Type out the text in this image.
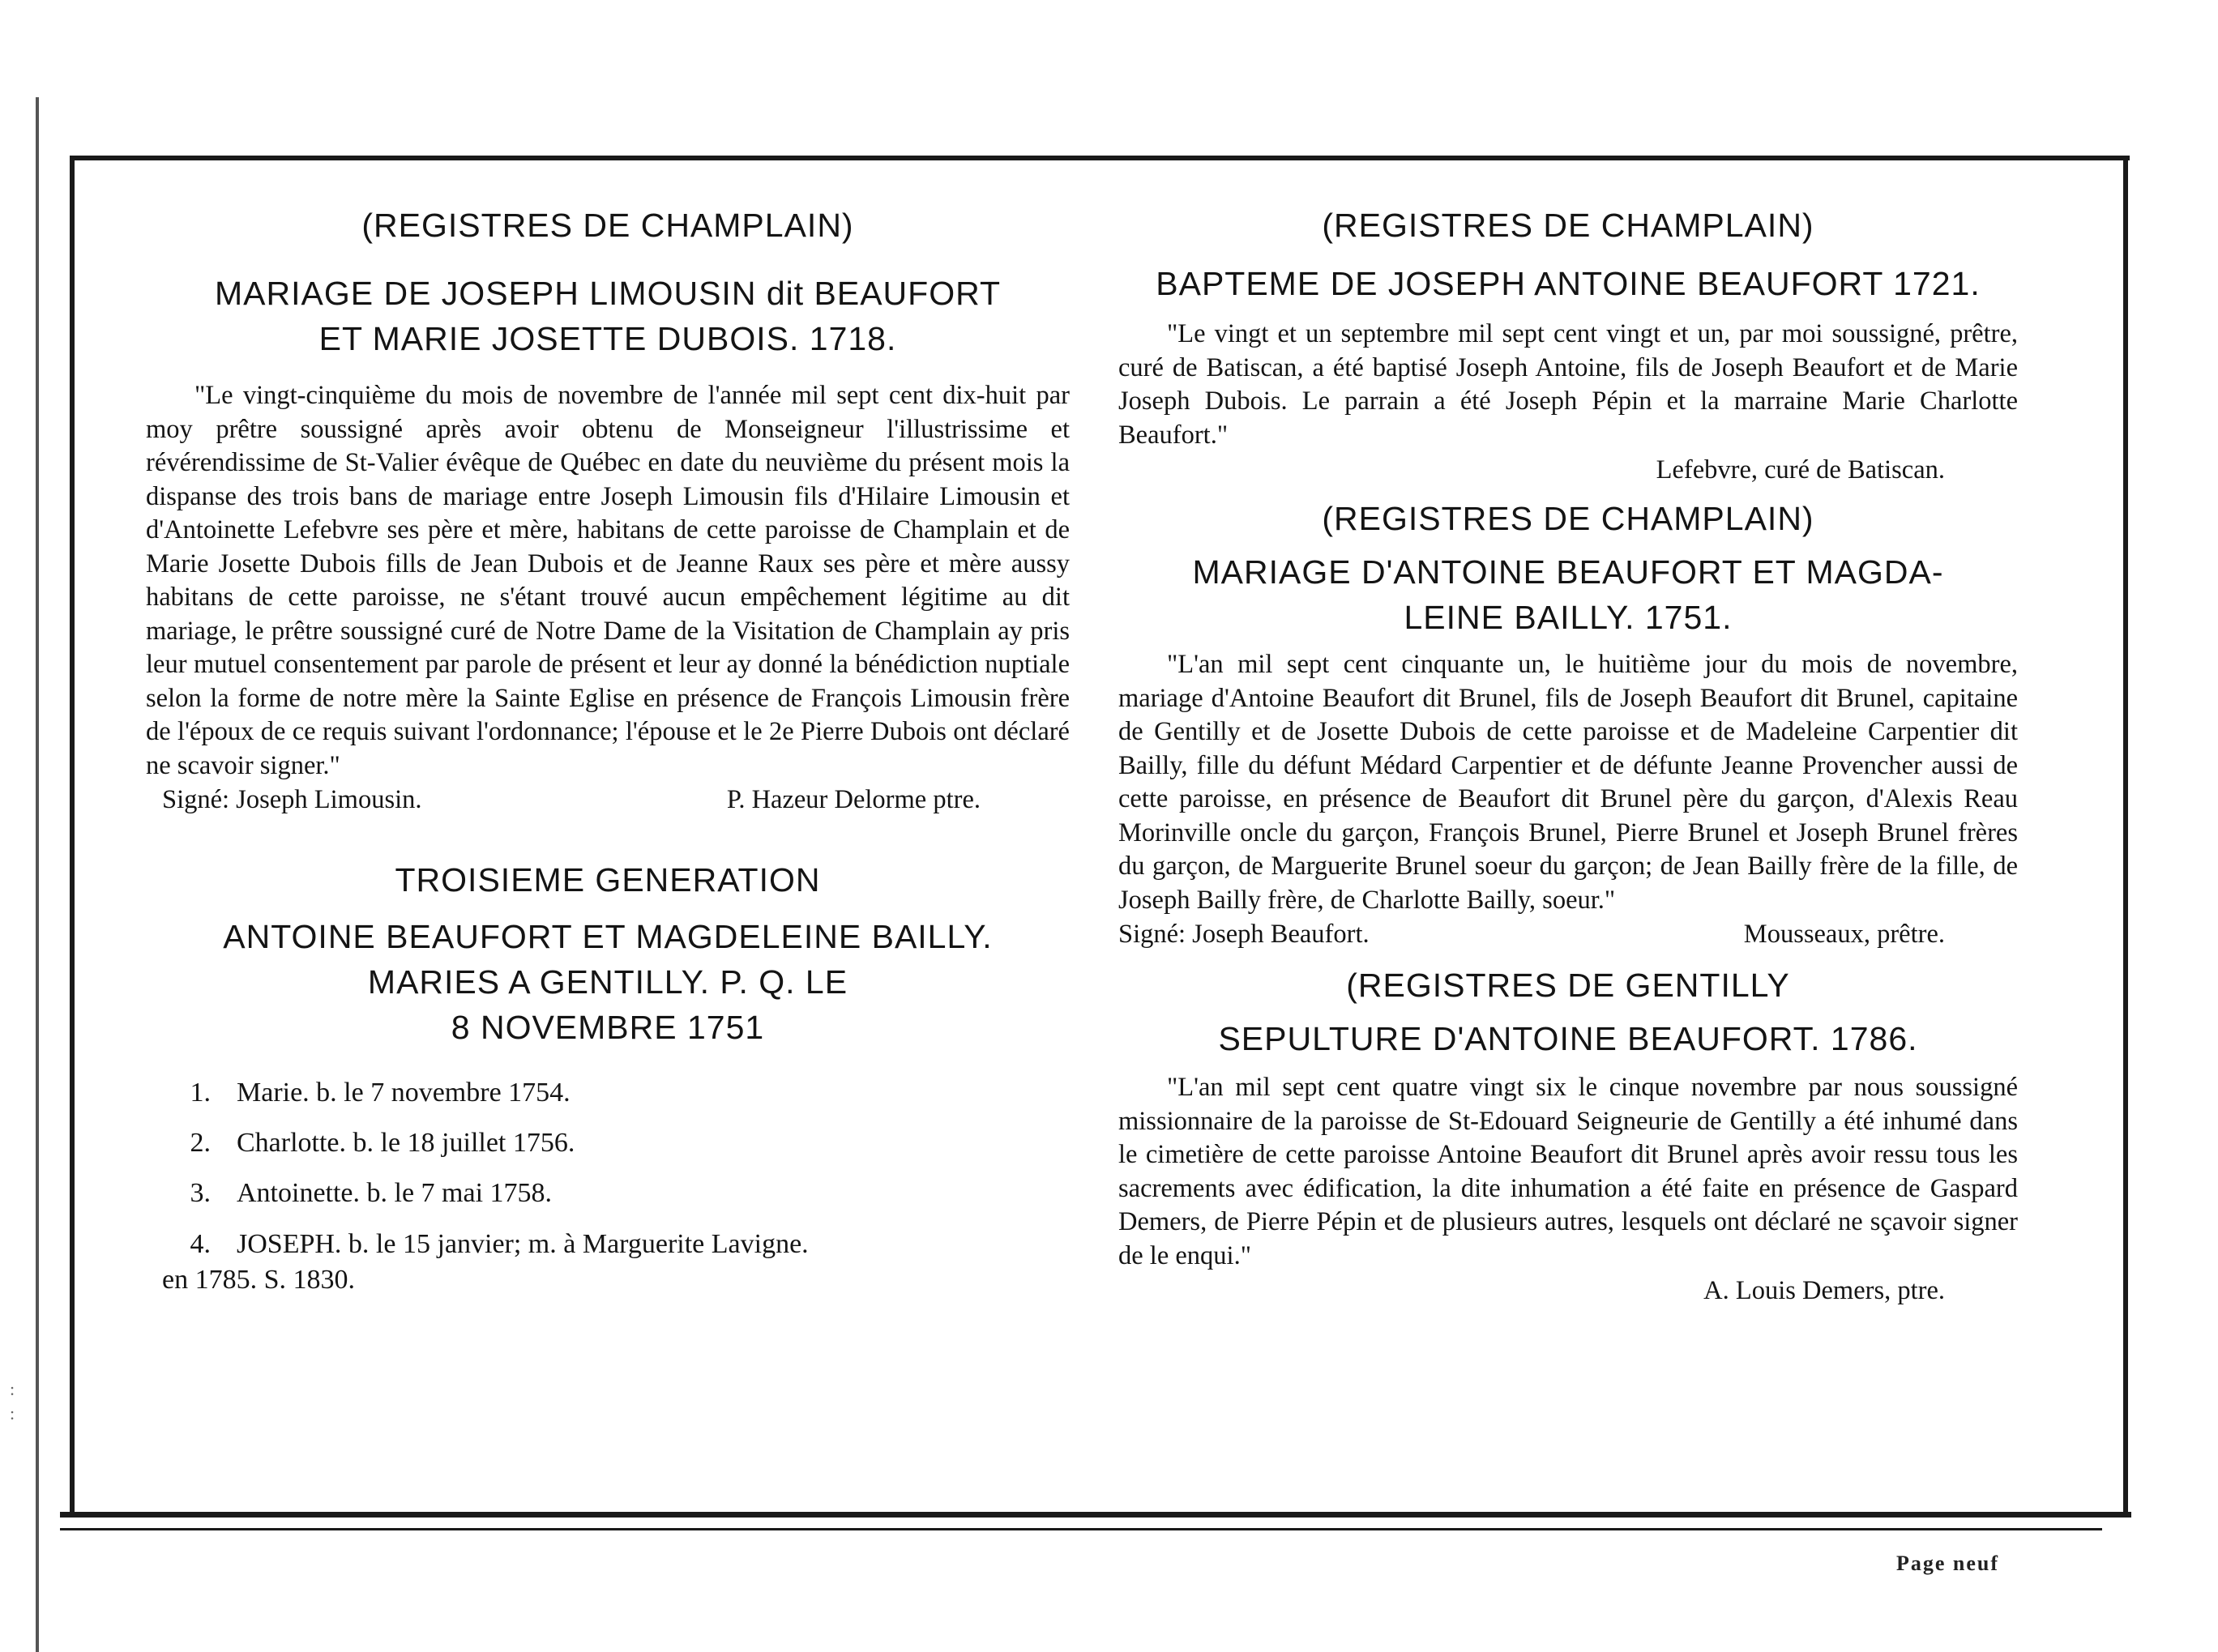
:
:

(REGISTRES DE CHAMPLAIN)

MARIAGE DE JOSEPH LIMOUSIN dit BEAUFORT

ET MARIE JOSETTE DUBOIS. 1718.

"Le vingt-cinquième du mois de novembre de l'année mil sept cent dix-huit par moy prêtre soussigné après avoir obtenu de Monseigneur l'illustrissime et révérendissime de St-Valier évêque de Québec en date du neuvième du présent mois la dispanse des trois bans de mariage entre Joseph Limousin fils d'Hilaire Limousin et d'Antoinette Lefebvre ses père et mère, habitans de cette paroisse de Champlain et de Marie Josette Dubois fills de Jean Dubois et de Jeanne Raux ses père et mère aussy habitans de cette paroisse, ne s'étant trouvé aucun empêchement légitime au dit mariage, le prêtre soussigné curé de Notre Dame de la Visitation de Champlain ay pris leur mutuel consentement par parole de présent et leur ay donné la bénédiction nuptiale selon la forme de notre mère la Sainte Eglise en présence de François Limousin frère de l'époux de ce requis suivant l'ordonnance; l'épouse et le 2e Pierre Dubois ont déclaré ne scavoir signer."

Signé: Joseph Limousin.	P. Hazeur Delorme ptre.

TROISIEME GENERATION

ANTOINE BEAUFORT ET MAGDELEINE BAILLY.

MARIES A GENTILLY. P. Q. LE

8 NOVEMBRE 1751

1. Marie. b. le 7 novembre 1754.
2. Charlotte. b. le 18 juillet 1756.
3. Antoinette. b. le 7 mai 1758.
4. JOSEPH. b. le 15 janvier; m. à Marguerite Lavigne.

en 1785. S. 1830.

(REGISTRES DE CHAMPLAIN)

BAPTEME DE JOSEPH ANTOINE BEAUFORT 1721.

"Le vingt et un septembre mil sept cent vingt et un, par moi soussigné, prêtre, curé de Batiscan, a été baptisé Joseph Antoine, fils de Joseph Beaufort et de Marie Joseph Dubois. Le parrain a été Joseph Pépin et la marraine Marie Charlotte Beaufort."

Lefebvre, curé de Batiscan.

(REGISTRES DE CHAMPLAIN)

MARIAGE D'ANTOINE BEAUFORT ET MAGDA-

LEINE BAILLY. 1751.

"L'an mil sept cent cinquante un, le huitième jour du mois de novembre, mariage d'Antoine Beaufort dit Brunel, fils de Joseph Beaufort dit Brunel, capitaine de Gentilly et de Josette Dubois de cette paroisse et de Madeleine Carpentier dit Bailly, fille du défunt Médard Carpentier et de défunte Jeanne Provencher aussi de cette paroisse, en présence de Beaufort dit Brunel père du garçon, d'Alexis Reau Morinville oncle du garçon, François Brunel, Pierre Brunel et Joseph Brunel frères du garçon, de Marguerite Brunel soeur du garçon; de Jean Bailly frère de la fille, de Joseph Bailly frère, de Charlotte Bailly, soeur."

Signé: Joseph Beaufort.	Mousseaux, prêtre.

(REGISTRES DE GENTILLY

SEPULTURE D'ANTOINE BEAUFORT. 1786.

"L'an mil sept cent quatre vingt six le cinque novembre par nous soussigné missionnaire de la paroisse de St-Edouard Seigneurie de Gentilly a été inhumé dans le cimetière de cette paroisse Antoine Beaufort dit Brunel après avoir ressu tous les sacrements avec édification, la dite inhumation a été faite en présence de Gaspard Demers, de Pierre Pépin et de plusieurs autres, lesquels ont déclaré ne sçavoir signer de le enqui."

A. Louis Demers, ptre.

Page neuf
